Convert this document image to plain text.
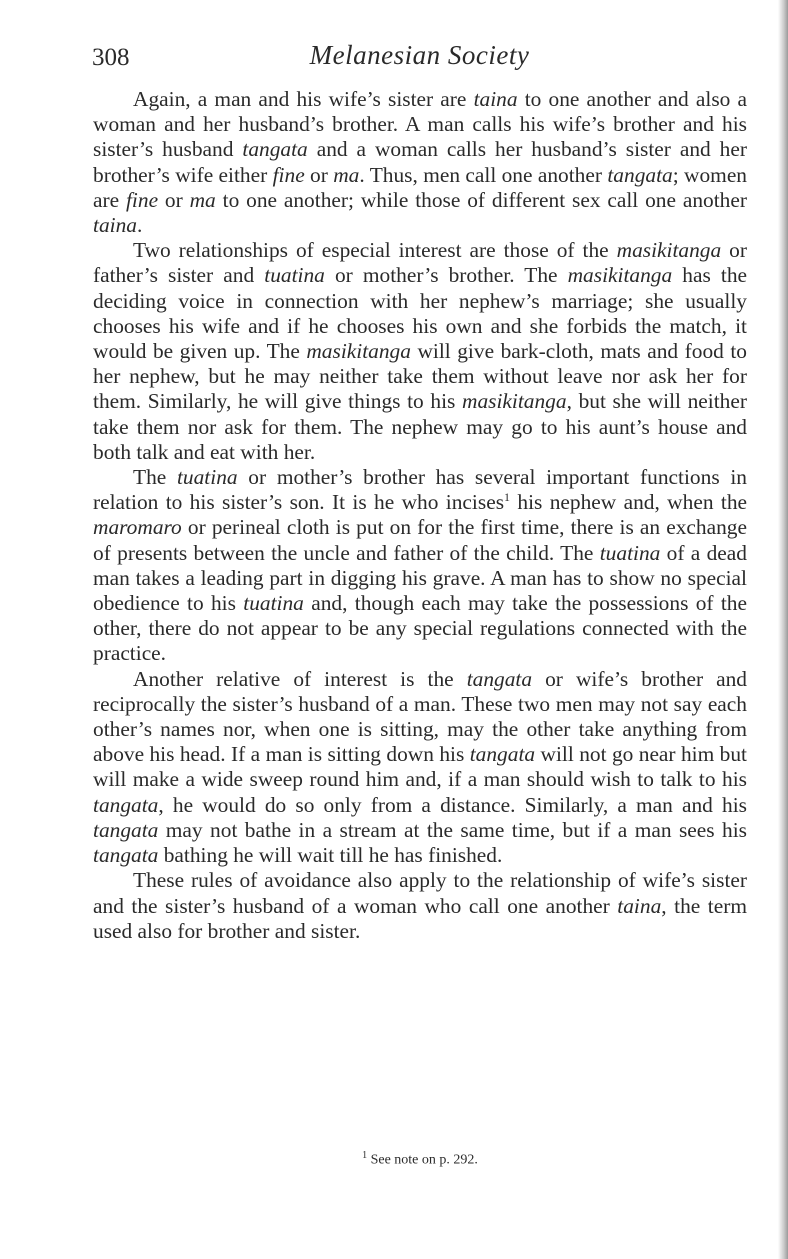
308	Melanesian Society

Again, a man and his wife’s sister are taina to one another and also a woman and her husband’s brother. A man calls his wife’s brother and his sister’s husband tangata and a woman calls her husband’s sister and her brother’s wife either fine or ma. Thus, men call one another tangata; women are fine or ma to one another; while those of different sex call one another taina.

Two relationships of especial interest are those of the masikitanga or father’s sister and tuatina or mother’s brother. The masikitanga has the deciding voice in connection with her nephew’s marriage; she usually chooses his wife and if he chooses his own and she forbids the match, it would be given up. The masikitanga will give bark-cloth, mats and food to her nephew, but he may neither take them without leave nor ask her for them. Similarly, he will give things to his masikitanga, but she will neither take them nor ask for them. The nephew may go to his aunt’s house and both talk and eat with her.

The tuatina or mother’s brother has several important functions in relation to his sister’s son. It is he who incises$^1$ his nephew and, when the maromaro or perineal cloth is put on for the first time, there is an exchange of presents between the uncle and father of the child. The tuatina of a dead man takes a leading part in digging his grave. A man has to show no special obedience to his tuatina and, though each may take the possessions of the other, there do not appear to be any special regulations connected with the practice.

Another relative of interest is the tangata or wife’s brother and reciprocally the sister’s husband of a man. These two men may not say each other’s names nor, when one is sitting, may the other take anything from above his head. If a man is sitting down his tangata will not go near him but will make a wide sweep round him and, if a man should wish to talk to his tangata, he would do so only from a distance. Similarly, a man and his tangata may not bathe in a stream at the same time, but if a man sees his tangata bathing he will wait till he has finished.

These rules of avoidance also apply to the relationship of wife’s sister and the sister’s husband of a woman who call one another taina, the term used also for brother and sister.

$^1$ See note on p. 292.
